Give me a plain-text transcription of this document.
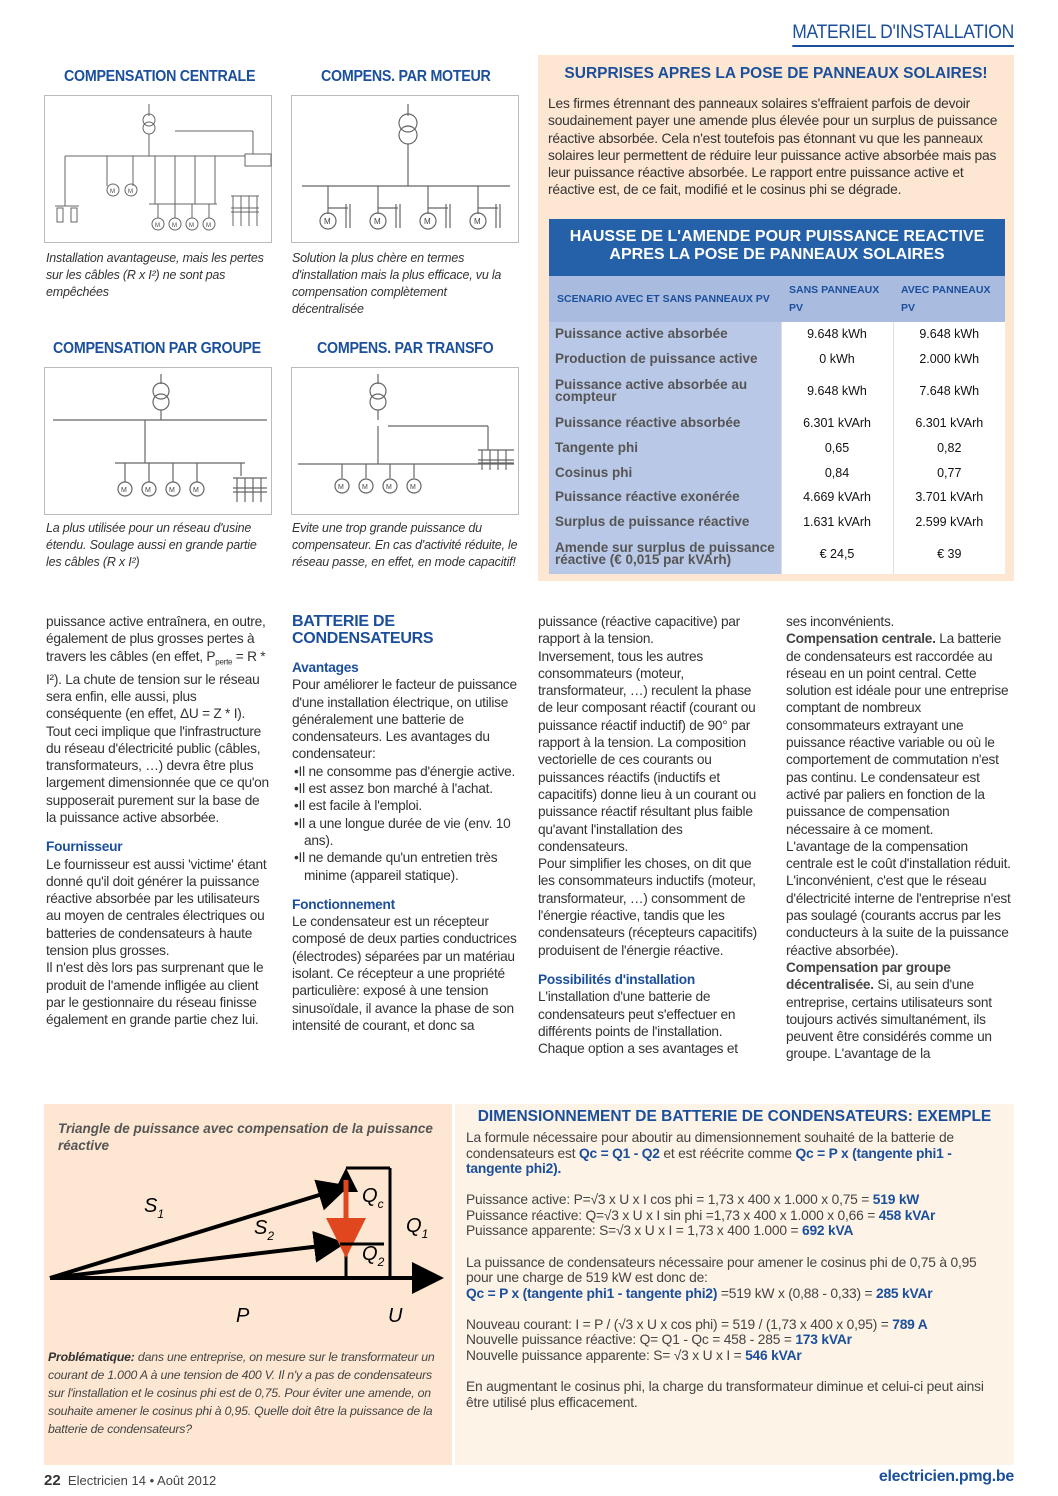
MATERIEL D'INSTALLATION
COMPENSATION CENTRALE
M M
M M M M
Installation avantageuse, mais les pertes sur les câbles (R x I²) ne sont pas empêchées
COMPENS. PAR MOTEUR
M	M	M	M
Solution la plus chère en termes d'installation mais la plus efficace, vu la compensation complètement décentralisée
COMPENSATION PAR GROUPE
M	M	M	M
La plus utilisée pour un réseau d'usine étendu. Soulage aussi en grande partie les câbles (R x I²)
COMPENS. PAR TRANSFO
M	M	M	M
Evite une trop grande puissance du compensateur. En cas d'activité réduite, le réseau passe, en effet, en mode capacitif!
SURPRISES APRES LA POSE DE PANNEAUX SOLAIRES!
Les firmes étrennant des panneaux solaires s'effraient parfois de devoir soudainement payer une amende plus élevée pour un surplus de puissance réactive absorbée. Cela n'est toutefois pas étonnant vu que les panneaux solaires leur permettent de réduire leur puissance active absorbée mais pas leur puissance réactive absorbée. Le rapport entre puissance active et réactive est, de ce fait, modifié et le cosinus phi se dégrade.
HAUSSE DE L'AMENDE POUR PUISSANCE REACTIVE APRES LA POSE DE PANNEAUX SOLAIRES
SCENARIO AVEC ET SANS PANNEAUX PV	SANS PANNEAUX PV	AVEC PANNEAUX PV
Puissance active absorbée	9.648 kWh	9.648 kWh
Production de puissance active	0 kWh	2.000 kWh
Puissance active absorbée au compteur	9.648 kWh	7.648 kWh
Puissance réactive absorbée	6.301 kVArh	6.301 kVArh
Tangente phi	0,65	0,82
Cosinus phi	0,84	0,77
Puissance réactive exonérée	4.669 kVArh	3.701 kVArh
Surplus de puissance réactive	1.631 kVArh	2.599 kVArh
Amende sur surplus de puissance réactive (€ 0,015 par kVArh)	€ 24,5	€ 39
puissance active entraînera, en outre, également de plus grosses pertes à travers les câbles (en effet, $P_{perte} = R * I^2$). La chute de tension sur le réseau sera enfin, elle aussi, plus conséquente (en effet, ΔU = Z * I). Tout ceci implique que l'infrastructure du réseau d'électricité public (câbles, transformateurs, …) devra être plus largement dimensionnée que ce qu'on supposerait purement sur la base de la puissance active absorbée.
Fournisseur
Le fournisseur est aussi 'victime' étant donné qu'il doit générer la puissance réactive absorbée par les utilisateurs au moyen de centrales électriques ou batteries de condensateurs à haute tension plus grosses.
Il n'est dès lors pas surprenant que le produit de l'amende infligée au client par le gestionnaire du réseau finisse également en grande partie chez lui.
BATTERIE DE CONDENSATEURS
Avantages
Pour améliorer le facteur de puissance d'une installation électrique, on utilise généralement une batterie de condensateurs. Les avantages du condensateur:
•Il ne consomme pas d'énergie active.
•Il est assez bon marché à l'achat.
•Il est facile à l'emploi.
•Il a une longue durée de vie (env. 10 ans).
•Il ne demande qu'un entretien très minime (appareil statique).
Fonctionnement
Le condensateur est un récepteur composé de deux parties conductrices (électrodes) séparées par un matériau isolant. Ce récepteur a une propriété particulière: exposé à une tension sinusoïdale, il avance la phase de son intensité de courant, et donc sa
puissance (réactive capacitive) par rapport à la tension.
Inversement, tous les autres consommateurs (moteur, transformateur, …) reculent la phase de leur composant réactif (courant ou puissance réactif inductif) de 90° par rapport à la tension. La composition vectorielle de ces courants ou puissances réactifs (inductifs et capacitifs) donne lieu à un courant ou puissance réactif résultant plus faible qu'avant l'installation des condensateurs.
Pour simplifier les choses, on dit que les consommateurs inductifs (moteur, transformateur, …) consomment de l'énergie réactive, tandis que les condensateurs (récepteurs capacitifs) produisent de l'énergie réactive.
Possibilités d'installation
L'installation d'une batterie de condensateurs peut s'effectuer en différents points de l'installation. Chaque option a ses avantages et
ses inconvénients.
Compensation centrale. La batterie de condensateurs est raccordée au réseau en un point central. Cette solution est idéale pour une entreprise comptant de nombreux consommateurs extrayant une puissance réactive variable ou où le comportement de commutation n'est pas continu. Le condensateur est activé par paliers en fonction de la puissance de compensation nécessaire à ce moment.
L'avantage de la compensation centrale est le coût d'installation réduit. L'inconvénient, c'est que le réseau d'électricité interne de l'entreprise n'est pas soulagé (courants accrus par les conducteurs à la suite de la puissance réactive absorbée).
Compensation par groupe décentralisée. Si, au sein d'une entreprise, certains utilisateurs sont toujours activés simultanément, ils peuvent être considérés comme un groupe. L'avantage de la
Triangle de puissance avec compensation de la puissance réactive
$S_1$
$S_2$
$Q_c$
$Q_1$
$Q_2$
P	U
Problématique: dans une entreprise, on mesure sur le transformateur un courant de 1.000 A à une tension de 400 V. Il n'y a pas de condensateurs sur l'installation et le cosinus phi est de 0,75. Pour éviter une amende, on souhaite amener le cosinus phi à 0,95. Quelle doit être la puissance de la batterie de condensateurs?
DIMENSIONNEMENT DE BATTERIE DE CONDENSATEURS: EXEMPLE

La formule nécessaire pour aboutir au dimensionnement souhaité de la batterie de condensateurs est Qc = Q1 - Q2 et est réécrite comme Qc = P x (tangente phi1 - tangente phi2).

Puissance active: P=√3 x U x I cos phi = 1,73 x 400 x 1.000 x 0,75 = 519 kW
Puissance réactive: Q=√3 x U x I sin phi =1,73 x 400 x 1.000 x 0,66 = 458 kVAr
Puissance apparente: S=√3 x U x I = 1,73 x 400 1.000 = 692 kVA

La puissance de condensateurs nécessaire pour amener le cosinus phi de 0,75 à 0,95 pour une charge de 519 kW est donc de:
Qc = P x (tangente phi1 - tangente phi2) =519 kW x (0,88 - 0,33) = 285 kVAr

Nouveau courant: I = P / (√3 x U x cos phi) = 519 / (1,73 x 400 x 0,95) = 789 A
Nouvelle puissance réactive: Q= Q1 - Qc = 458 - 285 = 173 kVAr
Nouvelle puissance apparente: S= √3 x U x I = 546 kVAr

En augmentant le cosinus phi, la charge du transformateur diminue et celui-ci peut ainsi être utilisé plus efficacement.

22 Electricien 14 • Août 2012	electricien.pmg.be
